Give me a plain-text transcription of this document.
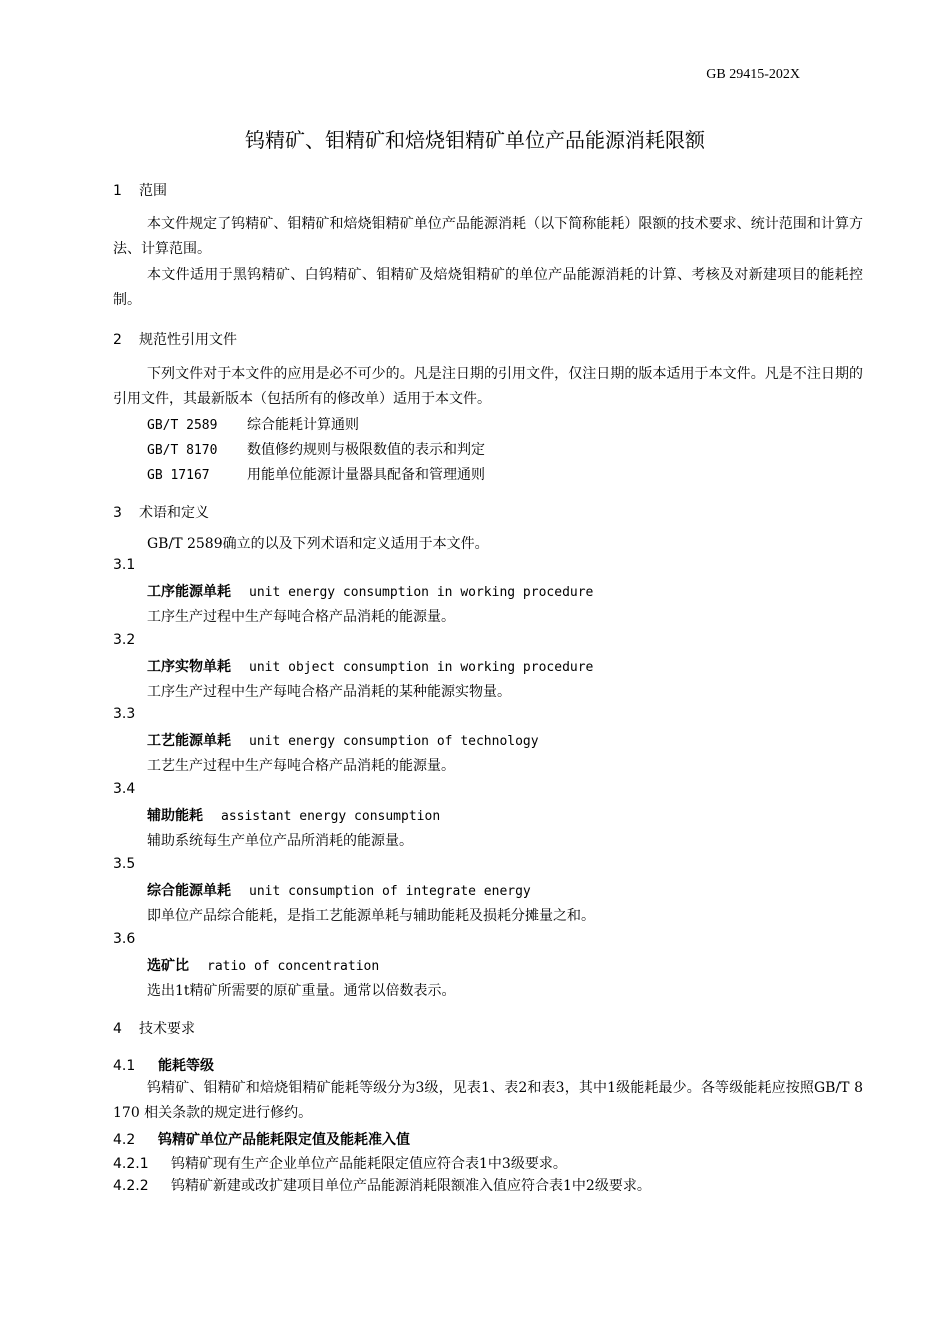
GB 29415-202X
钨精矿、钼精矿和焙烧钼精矿单位产品能源消耗限额
1 范围
本文件规定了钨精矿、钼精矿和焙烧钼精矿单位产品能源消耗（以下简称能耗）限额的技术要求、统计范围和计算方法、计算范围。
本文件适用于黑钨精矿、白钨精矿、钼精矿及焙烧钼精矿的单位产品能源消耗的计算、考核及对新建项目的能耗控制。
2 规范性引用文件
下列文件对于本文件的应用是必不可少的。凡是注日期的引用文件，仅注日期的版本适用于本文件。凡是不注日期的引用文件，其最新版本（包括所有的修改单）适用于本文件。
GB/T 2589 综合能耗计算通则
GB/T 8170 数值修约规则与极限数值的表示和判定
GB 17167	用能单位能源计量器具配备和管理通则
3 术语和定义
GB/T 2589确立的以及下列术语和定义适用于本文件。
3.1
工序能源单耗 unit energy consumption in working procedure
工序生产过程中生产每吨合格产品消耗的能源量。
3.2
工序实物单耗 unit object consumption in working procedure
工序生产过程中生产每吨合格产品消耗的某种能源实物量。
3.3
工艺能源单耗 unit energy consumption of technology
工艺生产过程中生产每吨合格产品消耗的能源量。
3.4
辅助能耗 assistant energy consumption
辅助系统每生产单位产品所消耗的能源量。
3.5
综合能源单耗 unit consumption of integrate energy
即单位产品综合能耗，是指工艺能源单耗与辅助能耗及损耗分摊量之和。
3.6
选矿比 ratio of concentration
选出1t精矿所需要的原矿重量。通常以倍数表示。
4 技术要求
4.1 能耗等级
钨精矿、钼精矿和焙烧钼精矿能耗等级分为3级，见表1、表2和表3，其中1级能耗最少。各等级能耗应按照GB/T 8170 相关条款的规定进行修约。
4.2 钨精矿单位产品能耗限定值及能耗准入值
4.2.1 钨精矿现有生产企业单位产品能耗限定值应符合表1中3级要求。
4.2.2 钨精矿新建或改扩建项目单位产品能源消耗限额准入值应符合表1中2级要求。
